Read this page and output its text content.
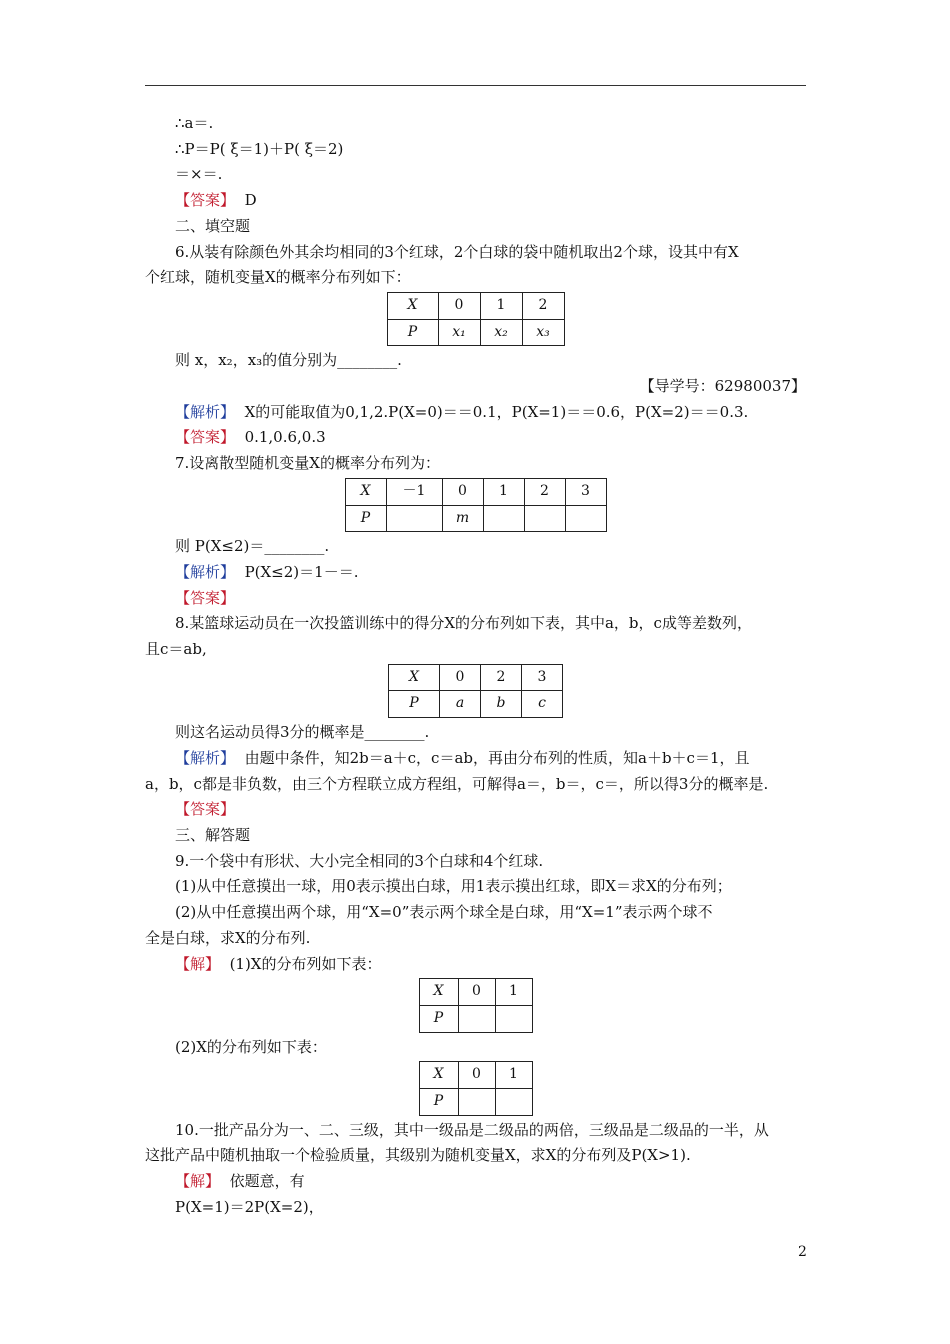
∴a＝.
∴P＝P( ξ＝1)＋P( ξ＝2)
＝×＝.
【答案】 D
二、填空题
6.从装有除颜色外其余均相同的3个红球，2个白球的袋中随机取出2个球，设其中有X
个红球，随机变量X的概率分布列如下：
X	0	1	2
P	x₁	x₂	x₃
则 x，x₂，x₃的值分别为________.
【导学号：62980037】
【解析】 X的可能取值为0,1,2.P(X=0)＝＝0.1，P(X=1)＝＝0.6，P(X=2)＝＝0.3.
【答案】 0.1,0.6,0.3
7.设离散型随机变量X的概率分布列为：
X	－1	0	1	2	3
P		m			
则 P(X≤2)＝________.
【解析】 P(X≤2)＝1－＝.
【答案】
8.某篮球运动员在一次投篮训练中的得分X的分布列如下表，其中a，b，c成等差数列，
且c＝ab,
X	0	2	3
P	a	b	c
则这名运动员得3分的概率是________.
【解析】 由题中条件，知2b＝a＋c，c＝ab，再由分布列的性质，知a＋b＋c＝1，且
a，b，c都是非负数，由三个方程联立成方程组，可解得a＝，b＝，c＝，所以得3分的概率是.
【答案】
三、解答题
9.一个袋中有形状、大小完全相同的3个白球和4个红球.
(1)从中任意摸出一球，用0表示摸出白球，用1表示摸出红球，即X＝求X的分布列；
(2)从中任意摸出两个球，用“X=0”表示两个球全是白球，用“X=1”表示两个球不
全是白球，求X的分布列.
【解】 (1)X的分布列如下表：
X	0	1
P		
(2)X的分布列如下表：
X	0	1
P		
10.一批产品分为一、二、三级，其中一级品是二级品的两倍，三级品是二级品的一半，从
这批产品中随机抽取一个检验质量，其级别为随机变量X，求X的分布列及P(X>1).
【解】 依题意，有
P(X=1)＝2P(X=2)，
2
